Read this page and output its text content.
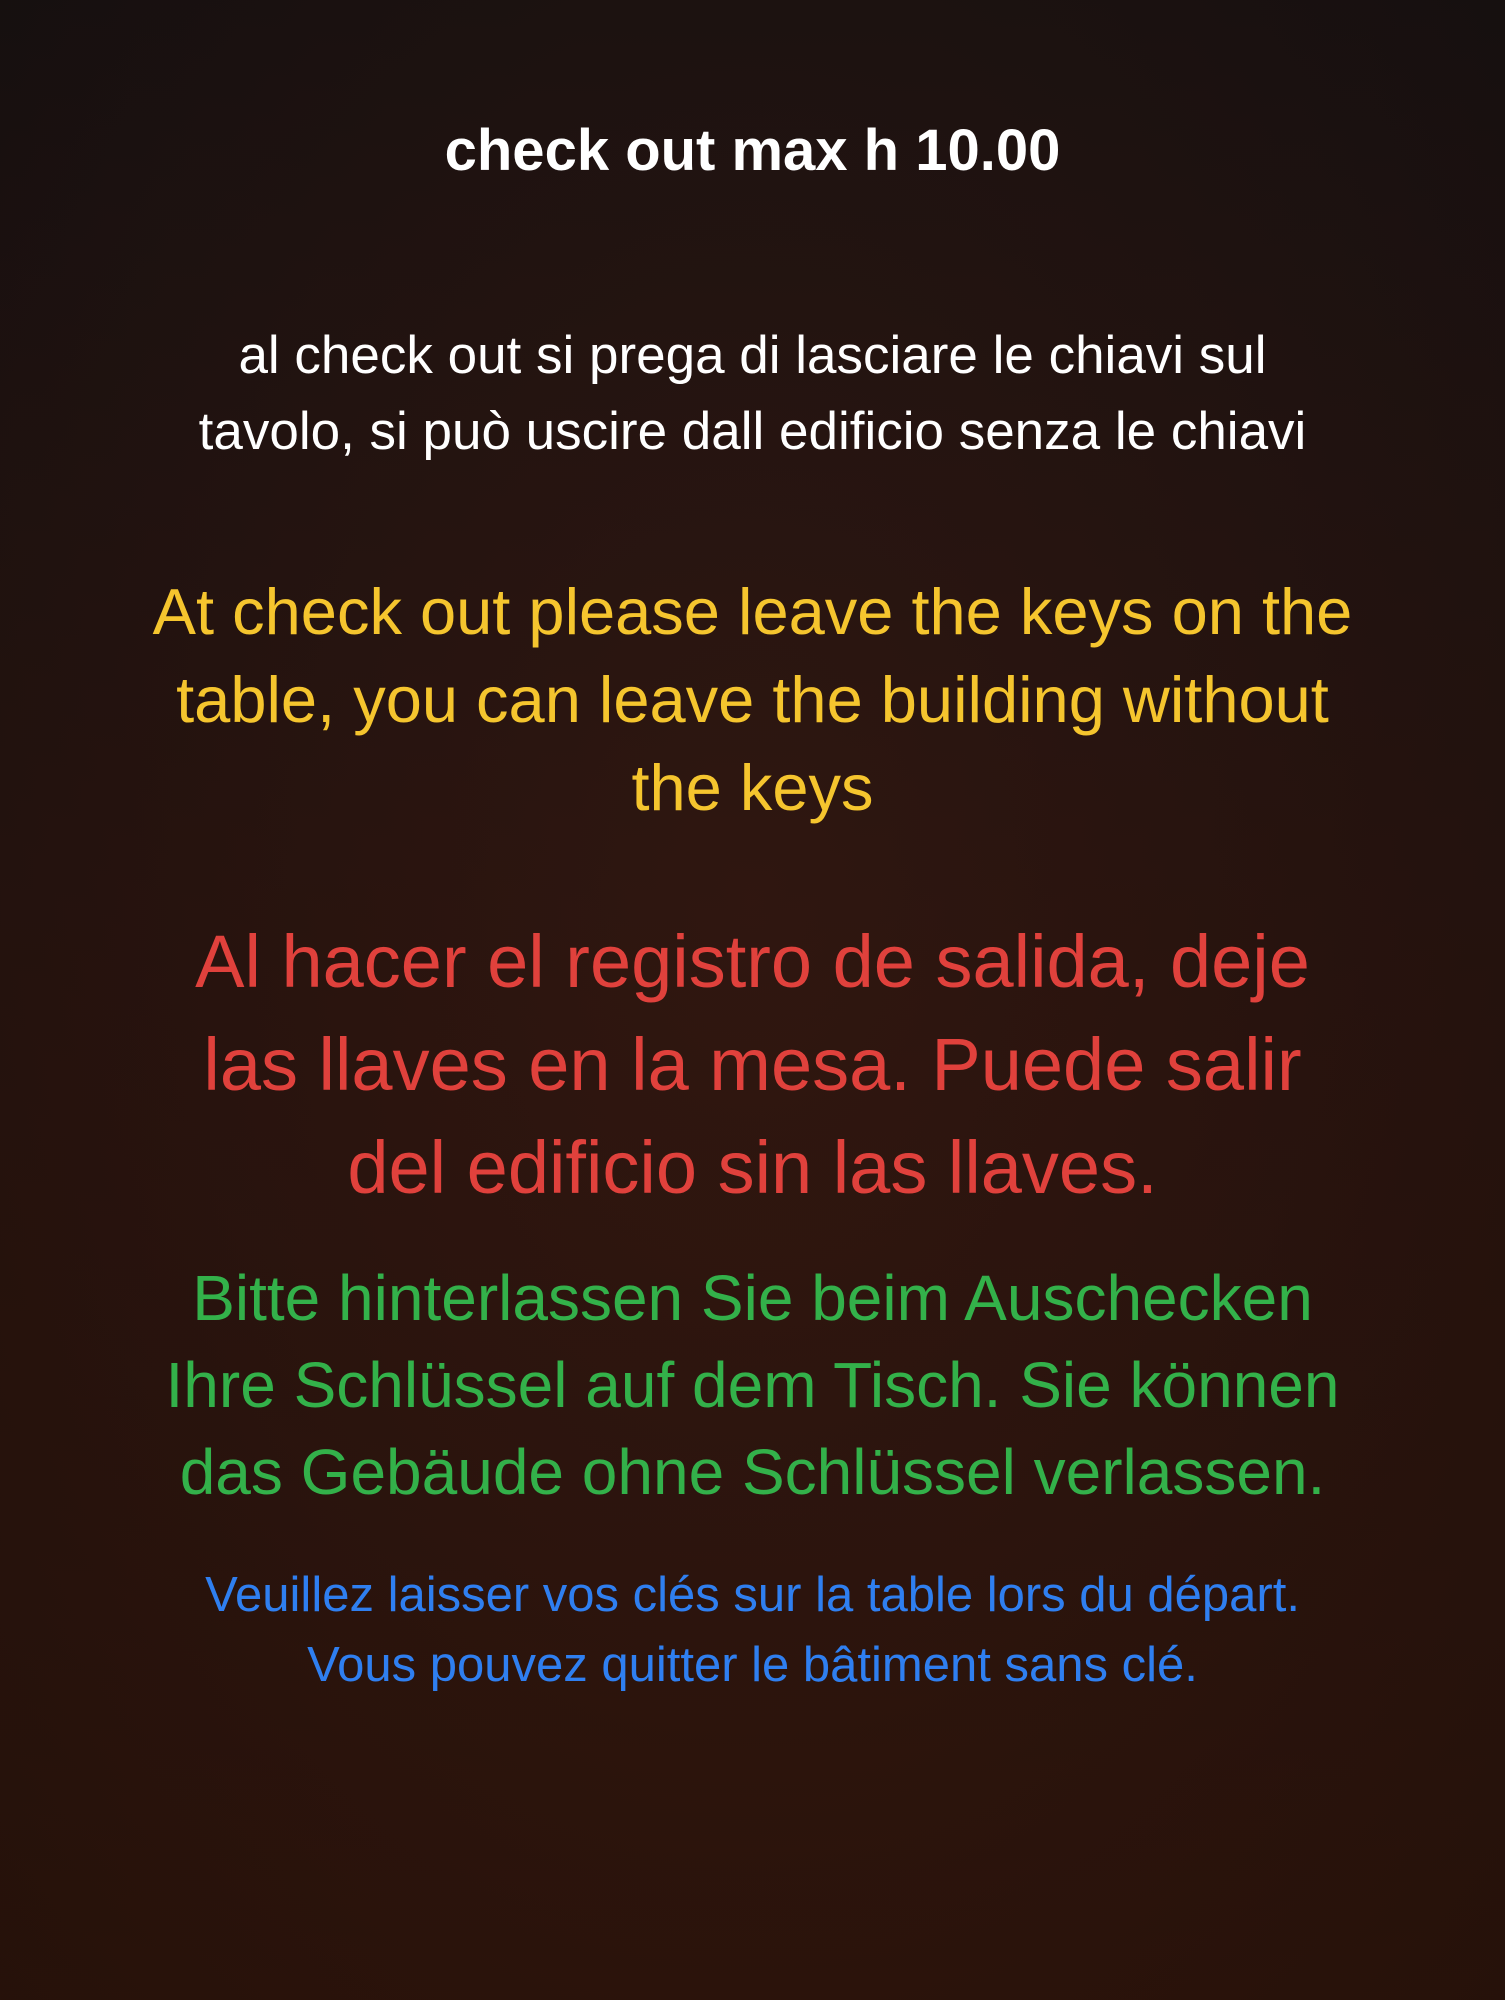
check out max h 10.00

al check out si prega di lasciare le chiavi sul
tavolo, si può uscire dall edificio senza le chiavi

At check out please leave the keys on the
table, you can leave the building without
the keys

Al hacer el registro de salida, deje
las llaves en la mesa. Puede salir
del edificio sin las llaves.

Bitte hinterlassen Sie beim Auschecken
Ihre Schlüssel auf dem Tisch. Sie können
das Gebäude ohne Schlüssel verlassen.

Veuillez laisser vos clés sur la table lors du départ.
Vous pouvez quitter le bâtiment sans clé.
